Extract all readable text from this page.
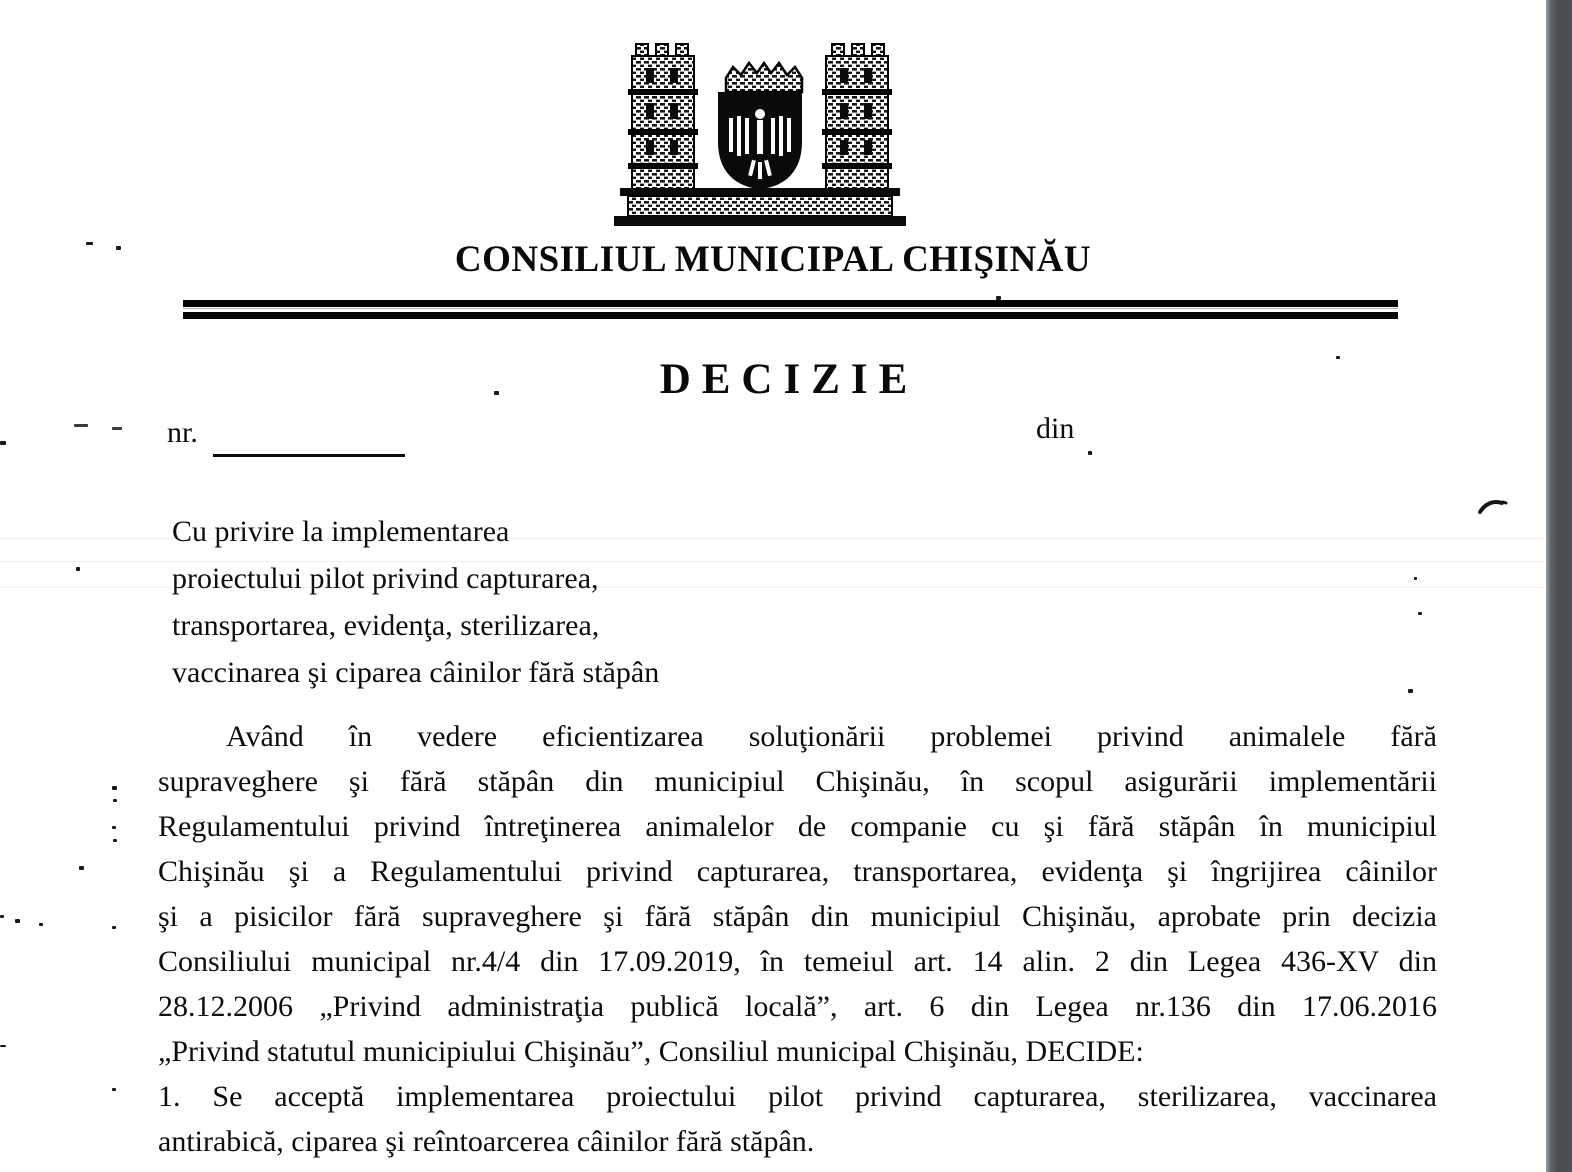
CONSILIUL MUNICIPAL CHIŞINĂU
DECIZIE
nr.	din
Cu privire la implementarea
proiectului pilot privind capturarea,
transportarea, evidenţa, sterilizarea,
vaccinarea şi ciparea câinilor fără stăpân
Având în vedere eficientizarea soluţionării problemei privind animalele fără
supraveghere şi fără stăpân din municipiul Chişinău, în scopul asigurării implementării
Regulamentului privind întreţinerea animalelor de companie cu şi fără stăpân în municipiul
Chişinău şi a Regulamentului privind capturarea, transportarea, evidenţa şi îngrijirea câinilor
şi a pisicilor fără supraveghere şi fără stăpân din municipiul Chişinău, aprobate prin decizia
Consiliului municipal nr.4/4 din 17.09.2019, în temeiul art. 14 alin. 2 din Legea 436-XV din
28.12.2006 „Privind administraţia publică locală”, art. 6 din Legea nr.136 din 17.06.2016
„Privind statutul municipiului Chişinău”, Consiliul municipal Chişinău, DECIDE:
1. Se acceptă implementarea proiectului pilot privind capturarea, sterilizarea, vaccinarea
antirabică, ciparea şi reîntoarcerea câinilor fără stăpân.
